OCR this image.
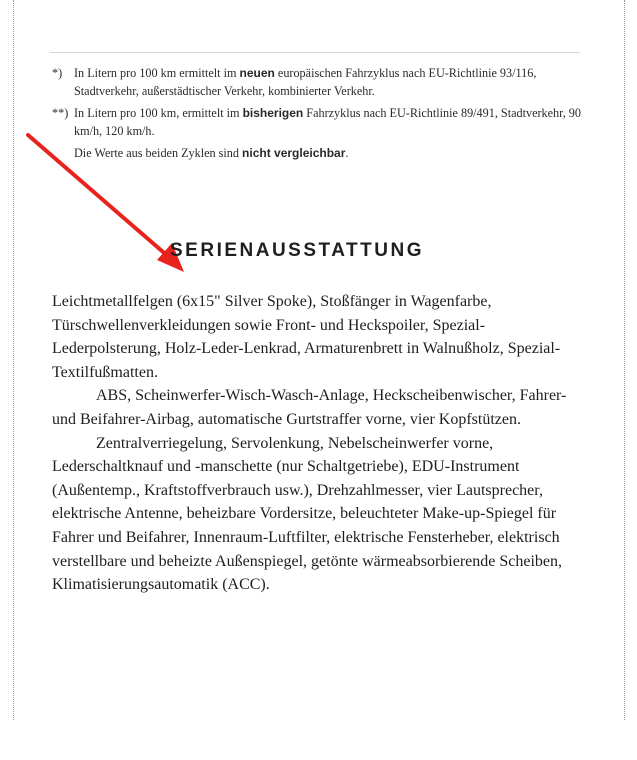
*) In Litern pro 100 km ermittelt im neuen europäischen Fahrzyklus nach EU-Richtlinie 93/116, Stadtverkehr, außerstädtischer Verkehr, kombinierter Verkehr.
**) In Litern pro 100 km, ermittelt im bisherigen Fahrzyklus nach EU-Richtlinie 89/491, Stadtverkehr, 90 km/h, 120 km/h.
Die Werte aus beiden Zyklen sind nicht vergleichbar.
SERIENAUSSTATTUNG

Leichtmetallfelgen (6x15" Silver Spoke), Stoßfänger in Wagenfarbe, Türschwellenverkleidungen sowie Front- und Heckspoiler, Spezial-Lederpolsterung, Holz-Leder-Lenkrad, Armaturenbrett in Walnußholz, Spezial-Textilfußmatten.

ABS, Scheinwerfer-Wisch-Wasch-Anlage, Heckscheibenwischer, Fahrer- und Beifahrer-Airbag, automatische Gurtstraffer vorne, vier Kopfstützen.

Zentralverriegelung, Servolenkung, Nebelscheinwerfer vorne, Lederschaltknauf und -manschette (nur Schaltgetriebe), EDU-Instrument (Außentemp., Kraftstoffverbrauch usw.), Drehzahlmesser, vier Lautsprecher, elektrische Antenne, beheizbare Vordersitze, beleuchteter Make-up-Spiegel für Fahrer und Beifahrer, Innenraum-Luftfilter, elektrische Fensterheber, elektrisch verstellbare und beheizte Außenspiegel, getönte wärmeabsorbierende Scheiben, Klimatisierungsautomatik (ACC).
